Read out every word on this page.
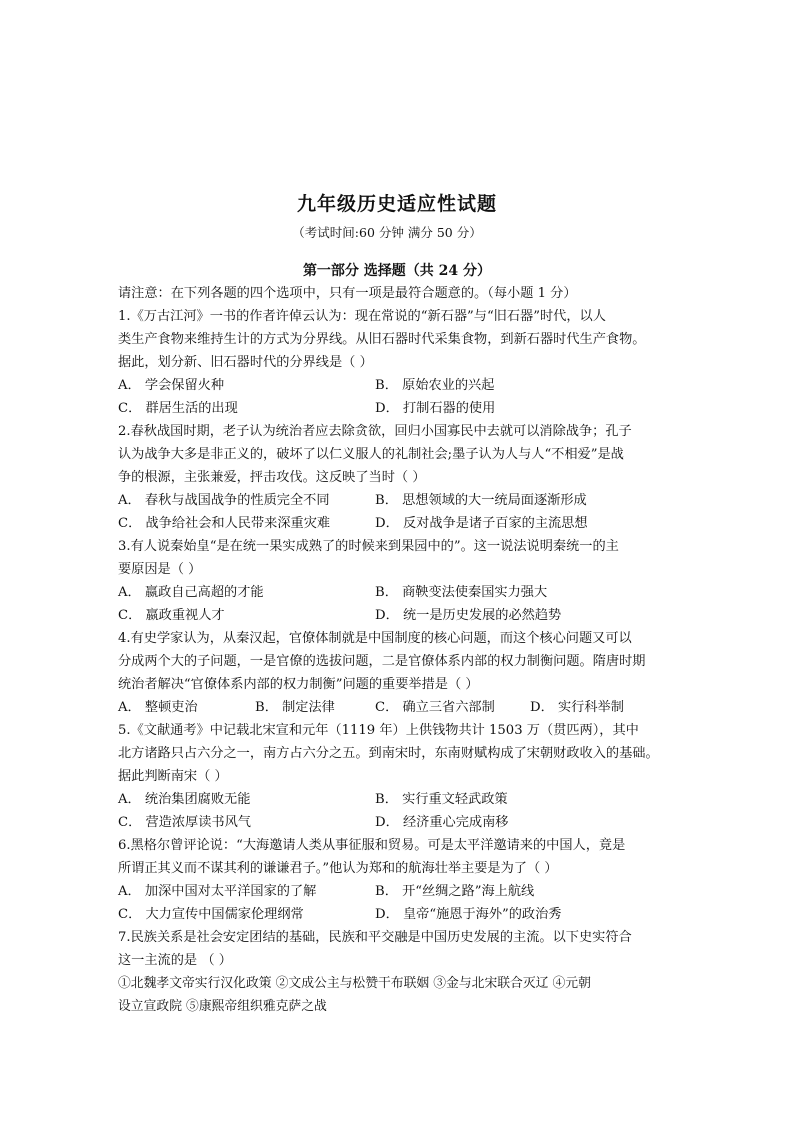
九年级历史适应性试题
（考试时间:60 分钟 满分 50 分）
第一部分 选择题（共 24 分）
请注意：在下列各题的四个选项中，只有一项是最符合题意的。（每小题 1 分）
1.《万古江河》一书的作者许倬云认为：现在常说的“新石器”与“旧石器”时代，以人
类生产食物来维持生计的方式为分界线。从旧石器时代采集食物，到新石器时代生产食物。
据此，划分新、旧石器时代的分界线是（ ）
A． 学会保留火种	B． 原始农业的兴起
C． 群居生活的出现	D． 打制石器的使用
2.春秋战国时期，老子认为统治者应去除贪欲，回归小国寡民中去就可以消除战争；孔子
认为战争大多是非正义的，破坏了以仁义服人的礼制社会;墨子认为人与人“不相爱”是战
争的根源，主张兼爱，抨击攻伐。这反映了当时（ ）
A． 春秋与战国战争的性质完全不同	B． 思想领域的大一统局面逐渐形成
C． 战争给社会和人民带来深重灾难	D． 反对战争是诸子百家的主流思想
3.有人说秦始皇“是在统一果实成熟了的时候来到果园中的”。这一说法说明秦统一的主
要原因是（ ）
A． 嬴政自己高超的才能	B． 商鞅变法使秦国实力强大
C． 嬴政重视人才	D． 统一是历史发展的必然趋势
4.有史学家认为，从秦汉起，官僚体制就是中国制度的核心问题，而这个核心问题又可以
分成两个大的子问题，一是官僚的选拔问题，二是官僚体系内部的权力制衡问题。隋唐时期
统治者解决“官僚体系内部的权力制衡”问题的重要举措是（ ）
A． 整顿吏治	B． 制定法律	C． 确立三省六部制	D． 实行科举制
5.《文献通考》中记载北宋宣和元年（1119 年）上供钱物共计 1503 万（贯匹两），其中
北方诸路只占六分之一，南方占六分之五。到南宋时，东南财赋构成了宋朝财政收入的基础。
据此判断南宋（ ）
A． 统治集团腐败无能	B． 实行重文轻武政策
C． 营造浓厚读书风气	D． 经济重心完成南移
6.黑格尔曾评论说：“大海邀请人类从事征服和贸易。可是太平洋邀请来的中国人，竟是
所谓正其义而不谋其利的谦谦君子。”他认为郑和的航海壮举主要是为了（ ）
A． 加深中国对太平洋国家的了解	B． 开“丝绸之路”海上航线
C． 大力宣传中国儒家伦理纲常	D． 皇帝“施恩于海外”的政治秀
7.民族关系是社会安定团结的基础，民族和平交融是中国历史发展的主流。以下史实符合
这一主流的是 （ ）
①北魏孝文帝实行汉化政策 ②文成公主与松赞干布联姻 ③金与北宋联合灭辽 ④元朝
设立宣政院 ⑤康熙帝组织雅克萨之战
